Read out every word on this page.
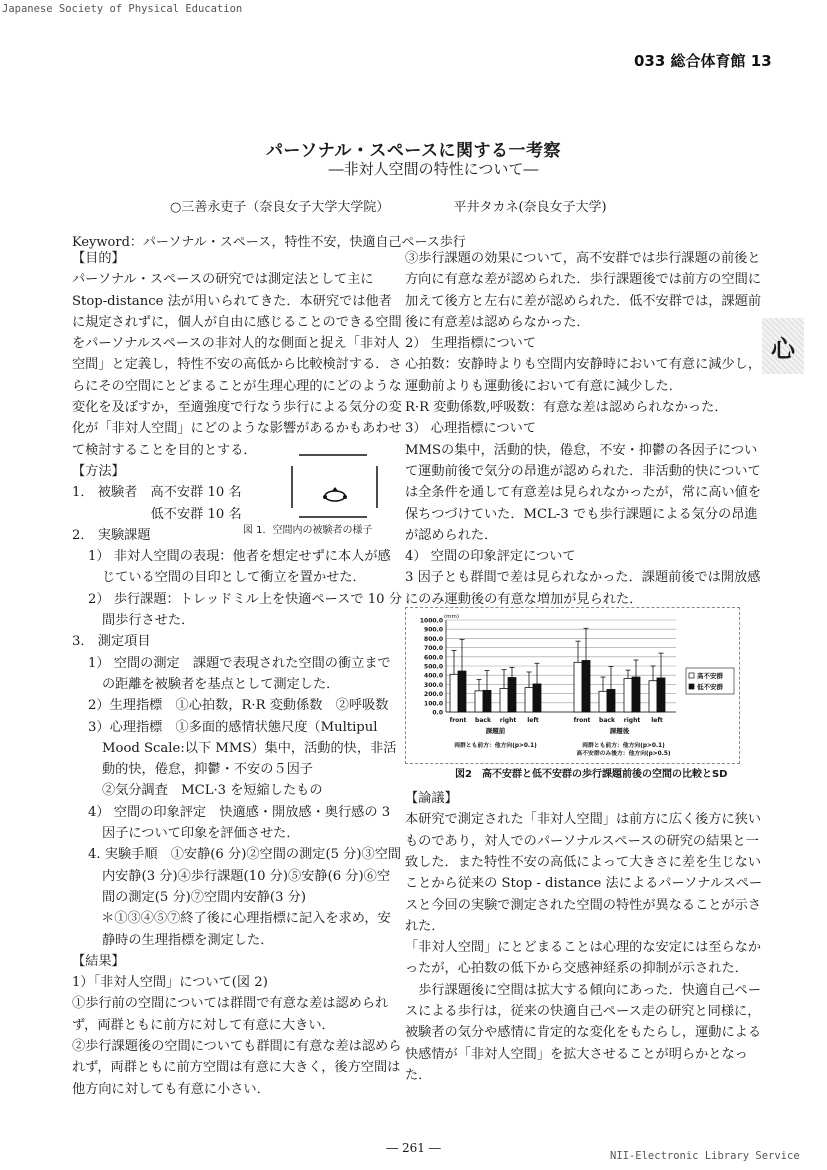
Japanese Society of Physical Education
033 総合体育館 13
心
パーソナル・スペースに関する一考察
―非対人空間の特性について―
○三善永吏子（奈良女子大学大学院）	平井タカネ(奈良女子大学)
Keyword：パーソナル・スペース，特性不安，快適自己ペース歩行

【目的】

パーソナル・スペースの研究では測定法として主に Stop-distance 法が用いられてきた．本研究では他者に規定されずに，個人が自由に感じることのできる空間をパーソナルスペースの非対人的な側面と捉え「非対人空間」と定義し，特性不安の高低から比較検討する．さらにその空間にとどまることが生理心理的にどのような変化を及ぼすか，至適強度で行なう歩行による気分の変化が「非対人空間」にどのような影響があるかもあわせて検討することを目的とする．

【方法】

1． 被験者　高不安群 10 名

　　 低不安群 10 名

2． 実験課題

1） 非対人空間の表現：他者を想定せずに本人が感じている空間の目印として衝立を置かせた．

2） 歩行課題：トレッドミル上を快適ペースで 10 分間歩行させた．

3． 測定項目

1） 空間の測定　課題で表現された空間の衝立までの距離を被験者を基点として測定した．

2）生理指標　①心拍数，R·R 変動係数　②呼吸数

3）心理指標　①多面的感情状態尺度（Multipul Mood Scale:以下 MMS）集中，活動的快，非活動的快，倦怠，抑鬱・不安の５因子

②気分調査　MCL·3 を短縮したもの

4） 空間の印象評定　快適感・開放感・奥行感の 3 因子について印象を評価させた．

4. 実験手順　①安静(6 分)②空間の測定(5 分)③空間内安静(3 分)④歩行課題(10 分)⑤安静(6 分)⑥空間の測定(5 分)⑦空間内安静(3 分)

　＊①③④⑤⑦終了後に心理指標に記入を求め，安静時の生理指標を測定した．

【結果】

1）「非対人空間」について(図 2)

①歩行前の空間については群間で有意な差は認められず，両群ともに前方に対して有意に大きい．

②歩行課題後の空間についても群間に有意な差は認められず，両群ともに前方空間は有意に大きく，後方空間は他方向に対しても有意に小さい．

③歩行課題の効果について，高不安群では歩行課題の前後と方向に有意な差が認められた．歩行課題後では前方の空間に加えて後方と左右に差が認められた．低不安群では，課題前後に有意差は認めらなかった．

2） 生理指標について

心拍数：安静時よりも空間内安静時において有意に減少し，運動前よりも運動後において有意に減少した．

R·R 変動係数,呼吸数：有意な差は認められなかった．

3） 心理指標について

MMSの集中，活動的快，倦怠，不安・抑鬱の各因子について運動前後で気分の昂進が認められた．非活動的快については全条件を通して有意差は見られなかったが，常に高い値を保ちつづけていた．MCL-3 でも歩行課題による気分の昂進が認められた．

4） 空間の印象評定について

3 因子とも群間で差は見られなかった．課題前後では開放感にのみ運動後の有意な増加が見られた．

【論議】

本研究で測定された「非対人空間」は前方に広く後方に狭いものであり，対人でのパーソナルスペースの研究の結果と一致した．また特性不安の高低によって大きさに差を生じないことから従来の Stop - distance 法によるパーソナルスペースと今回の実験で測定された空間の特性が異なることが示された．

「非対人空間」にとどまることは心理的な安定には至らなかったが，心拍数の低下から交感神経系の抑制が示された．

　歩行課題後に空間は拡大する傾向にあった．快適自己ペースによる歩行は，従来の快適自己ペース走の研究と同様に，被験者の気分や感情に肯定的な変化をもたらし，運動による快感情が「非対人空間」を拡大させることが明らかとなった．

図 1．空間内の被験者の様子
0.0
100.0
200.0
300.0
400.0
500.0
600.0
700.0
800.0
900.0
1000.0
(mm)
front back right left
課題前
両群とも前方：他方向(p>0.1)
front back right left
課題後
両群とも前方：他方向(p>0.1)
高不安群のみ後方：他方向(p>0.5)
高不安群
低不安群
図2　高不安群と低不安群の歩行課題前後の空間の比較とSD
― 261 ―
NII-Electronic Library Service
